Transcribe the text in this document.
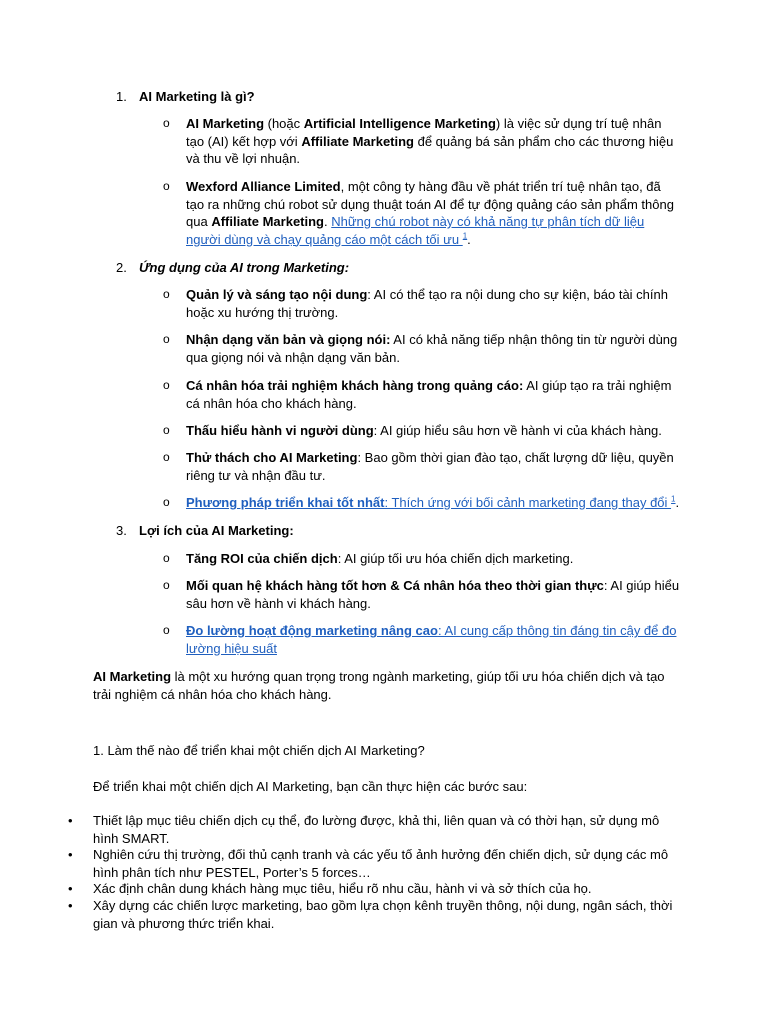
1. AI Marketing là gì?
o AI Marketing (hoặc Artificial Intelligence Marketing) là việc sử dụng trí tuệ nhân tạo (AI) kết hợp với Affiliate Marketing để quảng bá sản phẩm cho các thương hiệu và thu về lợi nhuận.
o Wexford Alliance Limited, một công ty hàng đầu về phát triển trí tuệ nhân tạo, đã tạo ra những chú robot sử dụng thuật toán AI để tự động quảng cáo sản phẩm thông qua Affiliate Marketing. Những chú robot này có khả năng tự phân tích dữ liệu người dùng và chạy quảng cáo một cách tối ưu $^1$.
2. Ứng dụng của AI trong Marketing:
o Quản lý và sáng tạo nội dung: AI có thể tạo ra nội dung cho sự kiện, báo tài chính hoặc xu hướng thị trường.
o Nhận dạng văn bản và giọng nói: AI có khả năng tiếp nhận thông tin từ người dùng qua giọng nói và nhận dạng văn bản.
o Cá nhân hóa trải nghiệm khách hàng trong quảng cáo: AI giúp tạo ra trải nghiệm cá nhân hóa cho khách hàng.
o Thấu hiểu hành vi người dùng: AI giúp hiểu sâu hơn về hành vi của khách hàng.
o Thử thách cho AI Marketing: Bao gồm thời gian đào tạo, chất lượng dữ liệu, quyền riêng tư và nhận đầu tư.
o Phương pháp triển khai tốt nhất: Thích ứng với bối cảnh marketing đang thay đổi $^1$.
3. Lợi ích của AI Marketing:
o Tăng ROI của chiến dịch: AI giúp tối ưu hóa chiến dịch marketing.
o Mối quan hệ khách hàng tốt hơn & Cá nhân hóa theo thời gian thực: AI giúp hiểu sâu hơn về hành vi khách hàng.
o Đo lường hoạt động marketing nâng cao: AI cung cấp thông tin đáng tin cậy để đo lường hiệu suất
AI Marketing là một xu hướng quan trọng trong ngành marketing, giúp tối ưu hóa chiến dịch và tạo trải nghiệm cá nhân hóa cho khách hàng.
1. Làm thế nào để triển khai một chiến dịch AI Marketing?
Để triển khai một chiến dịch AI Marketing, bạn cần thực hiện các bước sau:
• Thiết lập mục tiêu chiến dịch cụ thể, đo lường được, khả thi, liên quan và có thời hạn, sử dụng mô hình SMART.
• Nghiên cứu thị trường, đối thủ cạnh tranh và các yếu tố ảnh hưởng đến chiến dịch, sử dụng các mô hình phân tích như PESTEL, Porter’s 5 forces…
• Xác định chân dung khách hàng mục tiêu, hiểu rõ nhu cầu, hành vi và sở thích của họ.
• Xây dựng các chiến lược marketing, bao gồm lựa chọn kênh truyền thông, nội dung, ngân sách, thời gian và phương thức triển khai.
